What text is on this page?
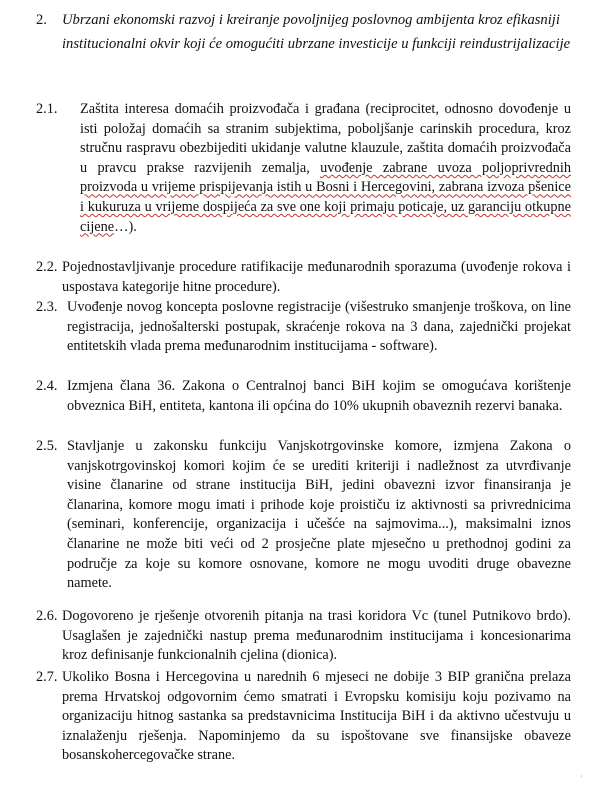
2. Ubrzani ekonomski razvoj i kreiranje povoljnijeg poslovnog ambijenta kroz efikasniji institucionalni okvir koji će omogućiti ubrzane investicije u funkciji reindustrijalizacije
2.1. Zaštita interesa domaćih proizvođača i građana (reciprocitet, odnosno dovođenje u isti položaj domaćih sa stranim subjektima, poboljšanje carinskih procedura, kroz stručnu raspravu obezbijediti ukidanje valutne klauzule, zaštita domaćih proizvođača u pravcu prakse razvijenih zemalja, uvođenje zabrane uvoza poljoprivrednih proizvoda u vrijeme prispijevanja istih u Bosni i Hercegovini, zabrana izvoza pšenice i kukuruza u vrijeme dospijeća za sve one koji primaju poticaje, uz garanciju otkupne cijene…).
2.2. Pojednostavljivanje procedure ratifikacije međunarodnih sporazuma (uvođenje rokova i uspostava kategorije hitne procedure).
2.3. Uvođenje novog koncepta poslovne registracije (višestruko smanjenje troškova, on line registracija, jednošalterski postupak, skraćenje rokova na 3 dana, zajednički projekat entitetskih vlada prema međunarodnim institucijama - software).
2.4. Izmjena člana 36. Zakona o Centralnoj banci BiH kojim se omogućava korištenje obveznica BiH, entiteta, kantona ili općina do 10% ukupnih obaveznih rezervi banaka.
2.5. Stavljanje u zakonsku funkciju Vanjskotrgovinske komore, izmjena Zakona o vanjskotrgovinskoj komori kojim će se urediti kriteriji i nadležnost za utvrđivanje visine članarine od strane institucija BiH, jedini obavezni izvor finansiranja je članarina, komore mogu imati i prihode koje proističu iz aktivnosti sa privrednicima (seminari, konferencije, organizacija i učešće na sajmovima...), maksimalni iznos članarine ne može biti veći od 2 prosječne plate mjesečno u prethodnoj godini za područje za koje su komore osnovane, komore ne mogu uvoditi druge obavezne namete.
2.6. Dogovoreno je rješenje otvorenih pitanja na trasi koridora Vc (tunel Putnikovo brdo). Usaglašen je zajednički nastup prema međunarodnim institucijama i koncesionarima kroz definisanje funkcionalnih cjelina (dionica).
2.7. Ukoliko Bosna i Hercegovina u narednih 6 mjeseci ne dobije 3 BIP granična prelaza prema Hrvatskoj odgovornim ćemo smatrati i Evropsku komisiju koju pozivamo na organizaciju hitnog sastanka sa predstavnicima Institucija BiH i da aktivno učestvuju u iznalaženju rješenja. Napominjemo da su ispoštovane sve finansijske obaveze bosanskohercegovačke strane.
˙
